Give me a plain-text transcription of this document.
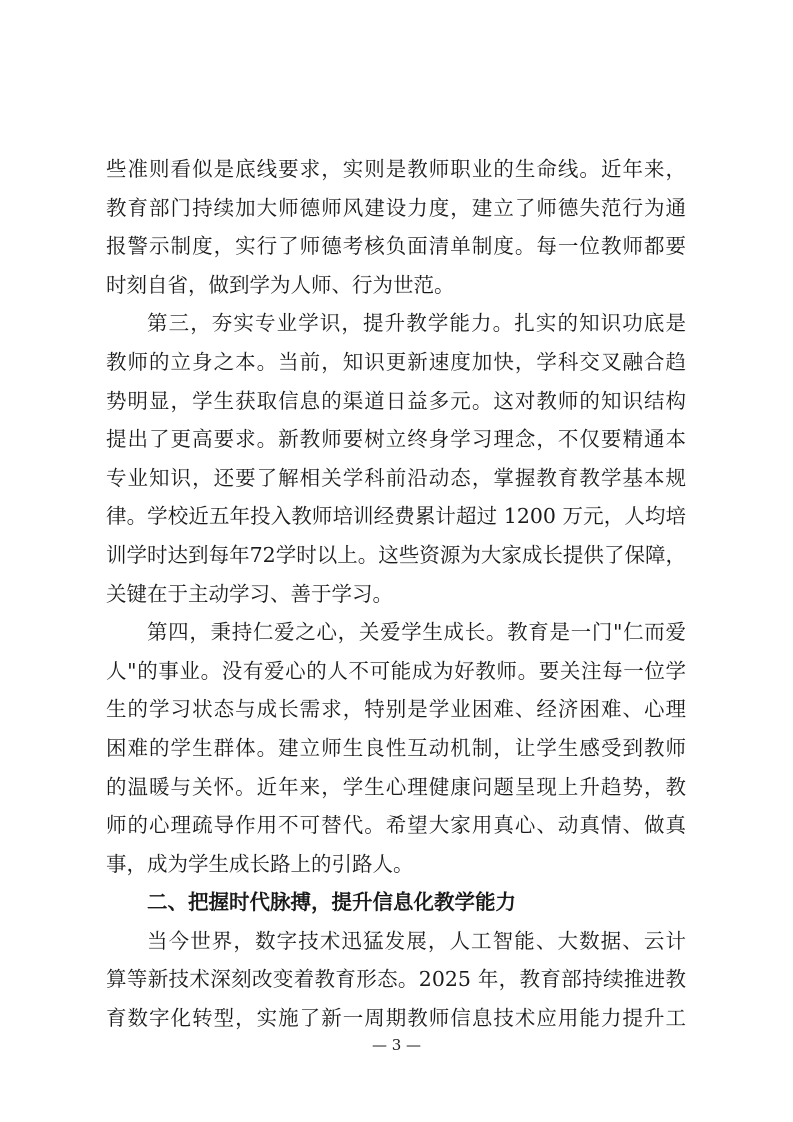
些准则看似是底线要求，实则是教师职业的生命线。近年来，
教育部门持续加大师德师风建设力度，建立了师德失范行为通
报警示制度，实行了师德考核负面清单制度。每一位教师都要
时刻自省，做到学为人师、行为世范。
第三，夯实专业学识，提升教学能力。扎实的知识功底是
教师的立身之本。当前，知识更新速度加快，学科交叉融合趋
势明显，学生获取信息的渠道日益多元。这对教师的知识结构
提出了更高要求。新教师要树立终身学习理念，不仅要精通本
专业知识，还要了解相关学科前沿动态，掌握教育教学基本规
律。学校近五年投入教师培训经费累计超过 1200 万元，人均培
训学时达到每年72学时以上。这些资源为大家成长提供了保障，
关键在于主动学习、善于学习。
第四，秉持仁爱之心，关爱学生成长。教育是一门"仁而爱
人"的事业。没有爱心的人不可能成为好教师。要关注每一位学
生的学习状态与成长需求，特别是学业困难、经济困难、心理
困难的学生群体。建立师生良性互动机制，让学生感受到教师
的温暖与关怀。近年来，学生心理健康问题呈现上升趋势，教
师的心理疏导作用不可替代。希望大家用真心、动真情、做真
事，成为学生成长路上的引路人。
二、把握时代脉搏，提升信息化教学能力
当今世界，数字技术迅猛发展，人工智能、大数据、云计
算等新技术深刻改变着教育形态。2025 年，教育部持续推进教
育数字化转型，实施了新一周期教师信息技术应用能力提升工
— 3 —
